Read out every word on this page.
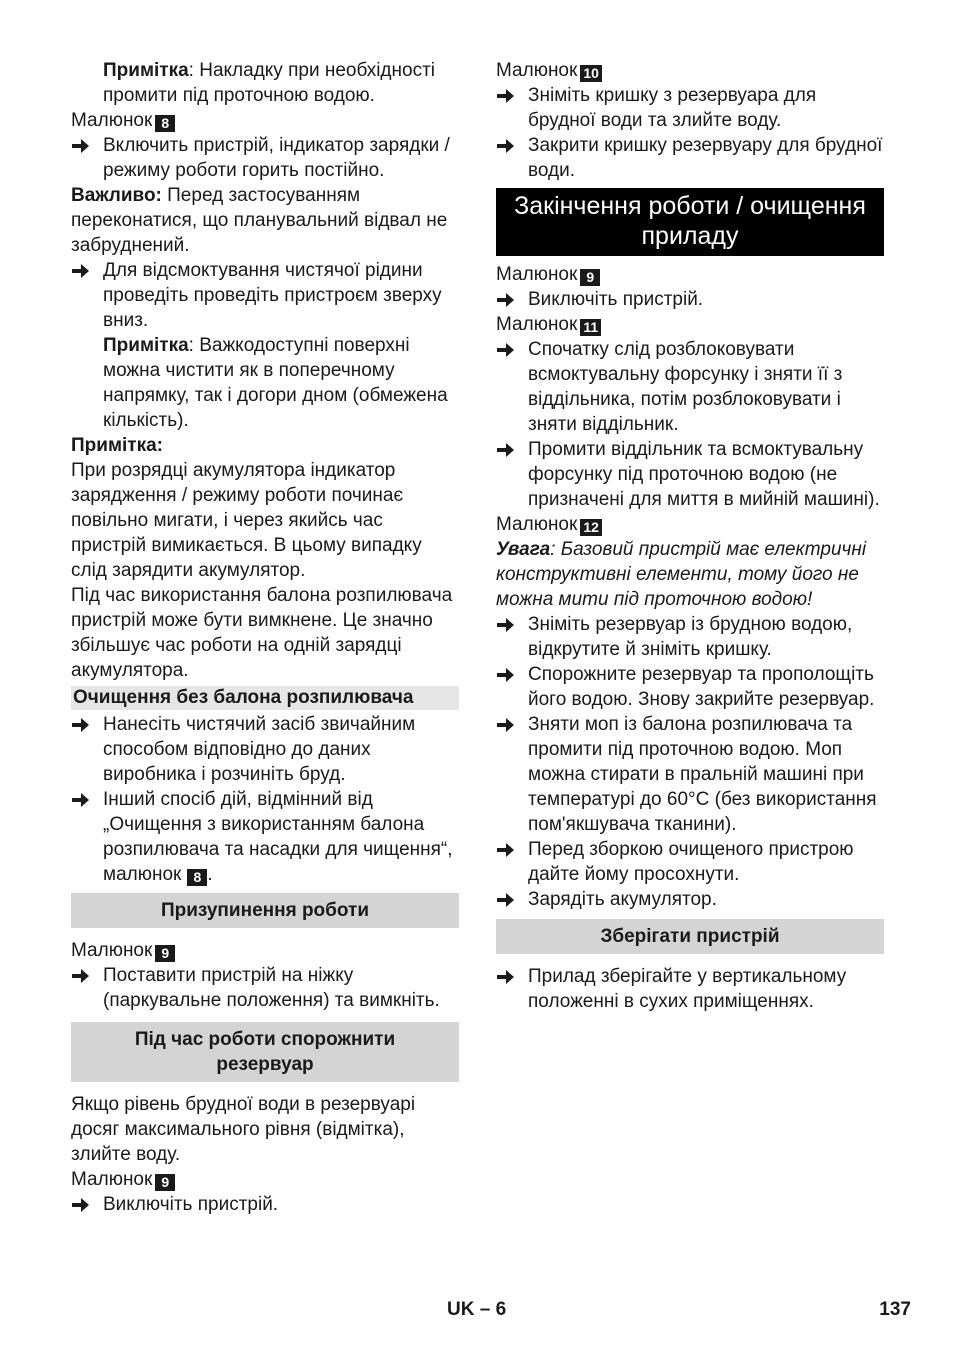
Примітка: Накладку при необхідності промити під проточною водою.
Малюнок 8
Включить пристрій, індикатор зарядки / режиму роботи горить постійно.
Важливо: Перед застосуванням переконатися, що планувальний відвал не забруднений.
Для відсмоктування чистячої рідини проведіть проведіть пристроєм зверху вниз.
Примітка: Важкодоступні поверхні можна чистити як в поперечному напрямку, так і догори дном (обмежена кількість).
Примітка:
При розрядці акумулятора індикатор зарядження / режиму роботи починає повільно мигати, і через якийсь час пристрій вимикається. В цьому випадку слід зарядити акумулятор.
Під час використання балона розпилювача пристрій може бути вимкнене. Це значно збільшує час роботи на одній зарядці акумулятора.
Очищення без балона розпилювача
Нанесіть чистячий засіб звичайним способом відповідно до даних виробника і розчиніть бруд.
Інший спосіб дій, відмінний від „Очищення з використанням балона розпилювача та насадки для чищення“, малюнок 8 .
Призупинення роботи
Малюнок 9
Поставити пристрій на ніжку (паркувальне положення) та вимкніть.
Під час роботи спорожнити резервуар
Якщо рівень брудної води в резервуарі досяг максимального рівня (відмітка), злийте воду.
Малюнок 9
Виключіть пристрій.
Малюнок 10
Зніміть кришку з резервуара для брудної води та злийте воду.
Закрити кришку резервуару для брудної води.
Закінчення роботи / очищення приладу
Малюнок 9
Виключіть пристрій.
Малюнок 11
Спочатку слід розблоковувати всмоктувальну форсунку і зняти її з віддільника, потім розблоковувати і зняти віддільник.
Промити віддільник та всмоктувальну форсунку під проточною водою (не призначені для миття в мийній машині).
Малюнок 12
Увага: Базовий пристрій має електричні конструктивні елементи, тому його не можна мити під проточною водою!
Зніміть резервуар із брудною водою, відкрутите й зніміть кришку.
Спорожните резервуар та прополощіть його водою. Знову закрийте резервуар.
Зняти моп із балона розпилювача та промити під проточною водою. Моп можна стирати в пральній машині при температурі до 60°C (без використання пом'якшувача тканини).
Перед зборкою очищеного пристрою дайте йому просохнути.
Зарядіть акумулятор.
Зберігати пристрій
Прилад зберігайте у вертикальному положенні в сухих приміщеннях.
UK – 6	137
